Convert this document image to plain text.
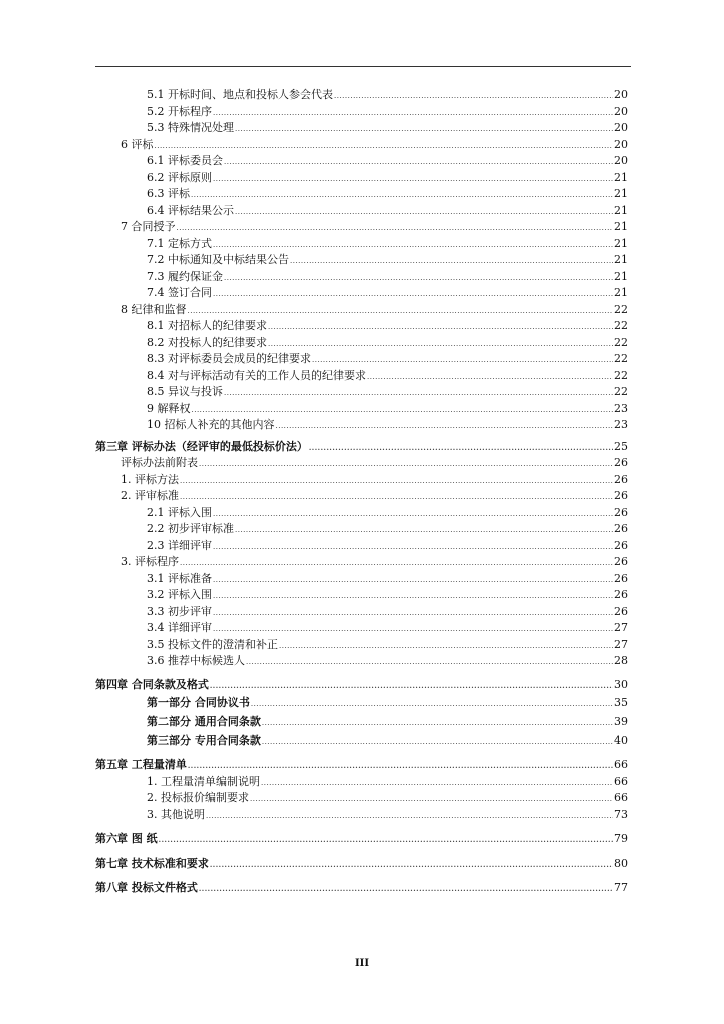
5.1 开标时间、地点和投标人参会代表 .....	20
5.2 开标程序 .....	20
5.3 特殊情况处理 .....	20
6 评标 .....	20
6.1 评标委员会 .....	20
6.2 评标原则 .....	21
6.3 评标 .....	21
6.4 评标结果公示 .....	21
7 合同授予 .....	21
7.1 定标方式 .....	21
7.2 中标通知及中标结果公告 .....	21
7.3 履约保证金 .....	21
7.4 签订合同 .....	21
8 纪律和监督 .....	22
8.1 对招标人的纪律要求 .....	22
8.2 对投标人的纪律要求 .....	22
8.3 对评标委员会成员的纪律要求 .....	22
8.4 对与评标活动有关的工作人员的纪律要求 .....	22
8.5 异议与投诉 .....	22
9 解释权 .....	23
10 招标人补充的其他内容 .....	23
第三章 评标办法（经评审的最低投标价法） .....	25
评标办法前附表 .....	26
1. 评标方法 .....	26
2. 评审标准 .....	26
2.1 评标入围 .....	26
2.2 初步评审标准 .....	26
2.3 详细评审 .....	26
3. 评标程序 .....	26
3.1 评标准备 .....	26
3.2 评标入围 .....	26
3.3 初步评审 .....	26
3.4 详细评审 .....	27
3.5 投标文件的澄清和补正 .....	27
3.6 推荐中标候选人 .....	28
第四章 合同条款及格式 .....	30
第一部分 合同协议书 .....	35
第二部分 通用合同条款 .....	39
第三部分 专用合同条款 .....	40
第五章 工程量清单 .....	66
1. 工程量清单编制说明 .....	66
2. 投标报价编制要求 .....	66
3. 其他说明 .....	73
第六章 图 纸 .....	79
第七章 技术标准和要求 .....	80
第八章 投标文件格式 .....	77
III
